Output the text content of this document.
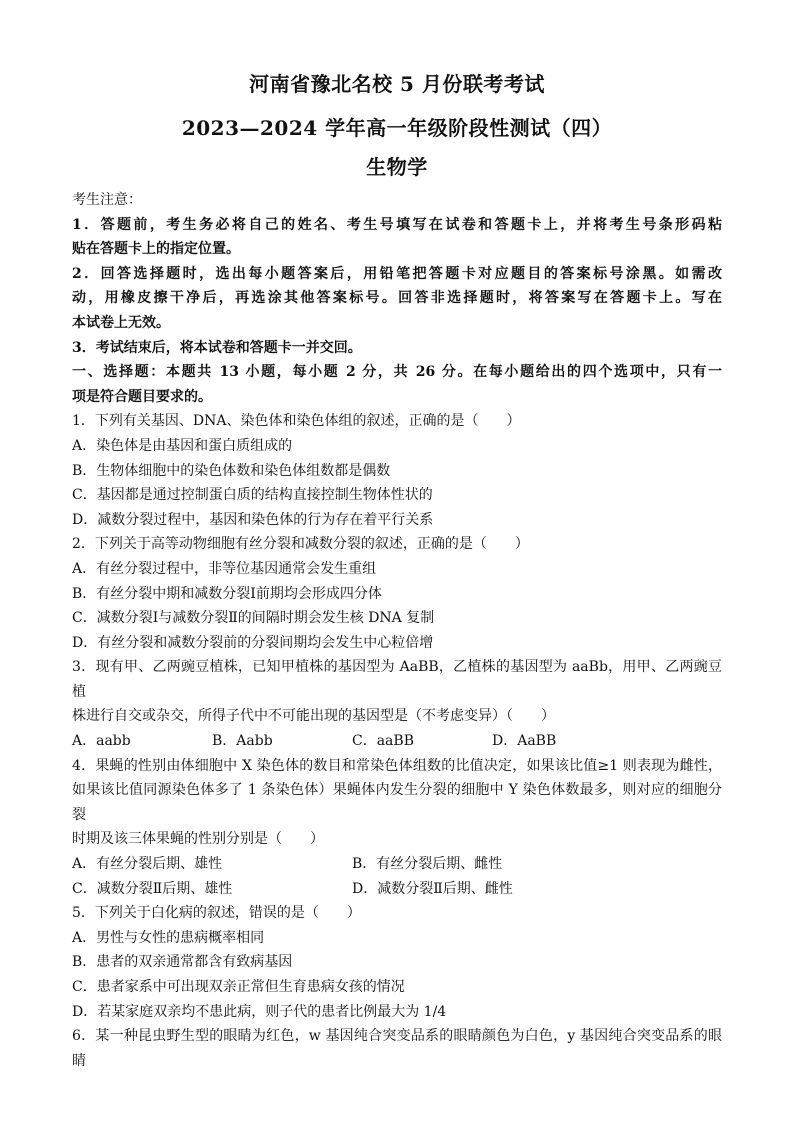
河南省豫北名校 5 月份联考考试
2023—2024 学年高一年级阶段性测试（四）
生物学
考生注意：
1．答题前，考生务必将自己的姓名、考生号填写在试卷和答题卡上，并将考生号条形码粘
贴在答题卡上的指定位置。
2．回答选择题时，选出每小题答案后，用铅笔把答题卡对应题目的答案标号涂黑。如需改
动，用橡皮擦干净后，再选涂其他答案标号。回答非选择题时，将答案写在答题卡上。写在
本试卷上无效。
3．考试结束后，将本试卷和答题卡一并交回。
一、选择题：本题共 13 小题，每小题 2 分，共 26 分。在每小题给出的四个选项中，只有一
项是符合题目要求的。
1．下列有关基因、DNA、染色体和染色体组的叙述，正确的是（　　）
A．染色体是由基因和蛋白质组成的
B．生物体细胞中的染色体数和染色体组数都是偶数
C．基因都是通过控制蛋白质的结构直接控制生物体性状的
D．减数分裂过程中，基因和染色体的行为存在着平行关系
2．下列关于高等动物细胞有丝分裂和减数分裂的叙述，正确的是（　　）
A．有丝分裂过程中，非等位基因通常会发生重组
B．有丝分裂中期和减数分裂Ⅰ前期均会形成四分体
C．减数分裂Ⅰ与减数分裂Ⅱ的间隔时期会发生核 DNA 复制
D．有丝分裂和减数分裂前的分裂间期均会发生中心粒倍增
3．现有甲、乙两豌豆植株，已知甲植株的基因型为 AaBB，乙植株的基因型为 aaBb，用甲、乙两豌豆植
株进行自交或杂交，所得子代中不可能出现的基因型是（不考虑变异）（　　）
A．aabb	B．Aabb	C．aaBB	D．AaBB
4．果蝇的性别由体细胞中 X 染色体的数目和常染色体组数的比值决定，如果该比值≥1 则表现为雌性，
如果该比值同源染色体多了 1 条染色体）果蝇体内发生分裂的细胞中 Y 染色体数最多，则对应的细胞分裂
时期及该三体果蝇的性别分别是（　　）
A．有丝分裂后期、雄性	B．有丝分裂后期、雌性
C．减数分裂Ⅱ后期、雄性	D．减数分裂Ⅱ后期、雌性
5．下列关于白化病的叙述，错误的是（　　）
A．男性与女性的患病概率相同
B．患者的双亲通常都含有致病基因
C．患者家系中可出现双亲正常但生育患病女孩的情况
D．若某家庭双亲均不患此病，则子代的患者比例最大为 1/4
6．某一种昆虫野生型的眼睛为红色，w 基因纯合突变品系的眼睛颜色为白色，y 基因纯合突变品系的眼睛
